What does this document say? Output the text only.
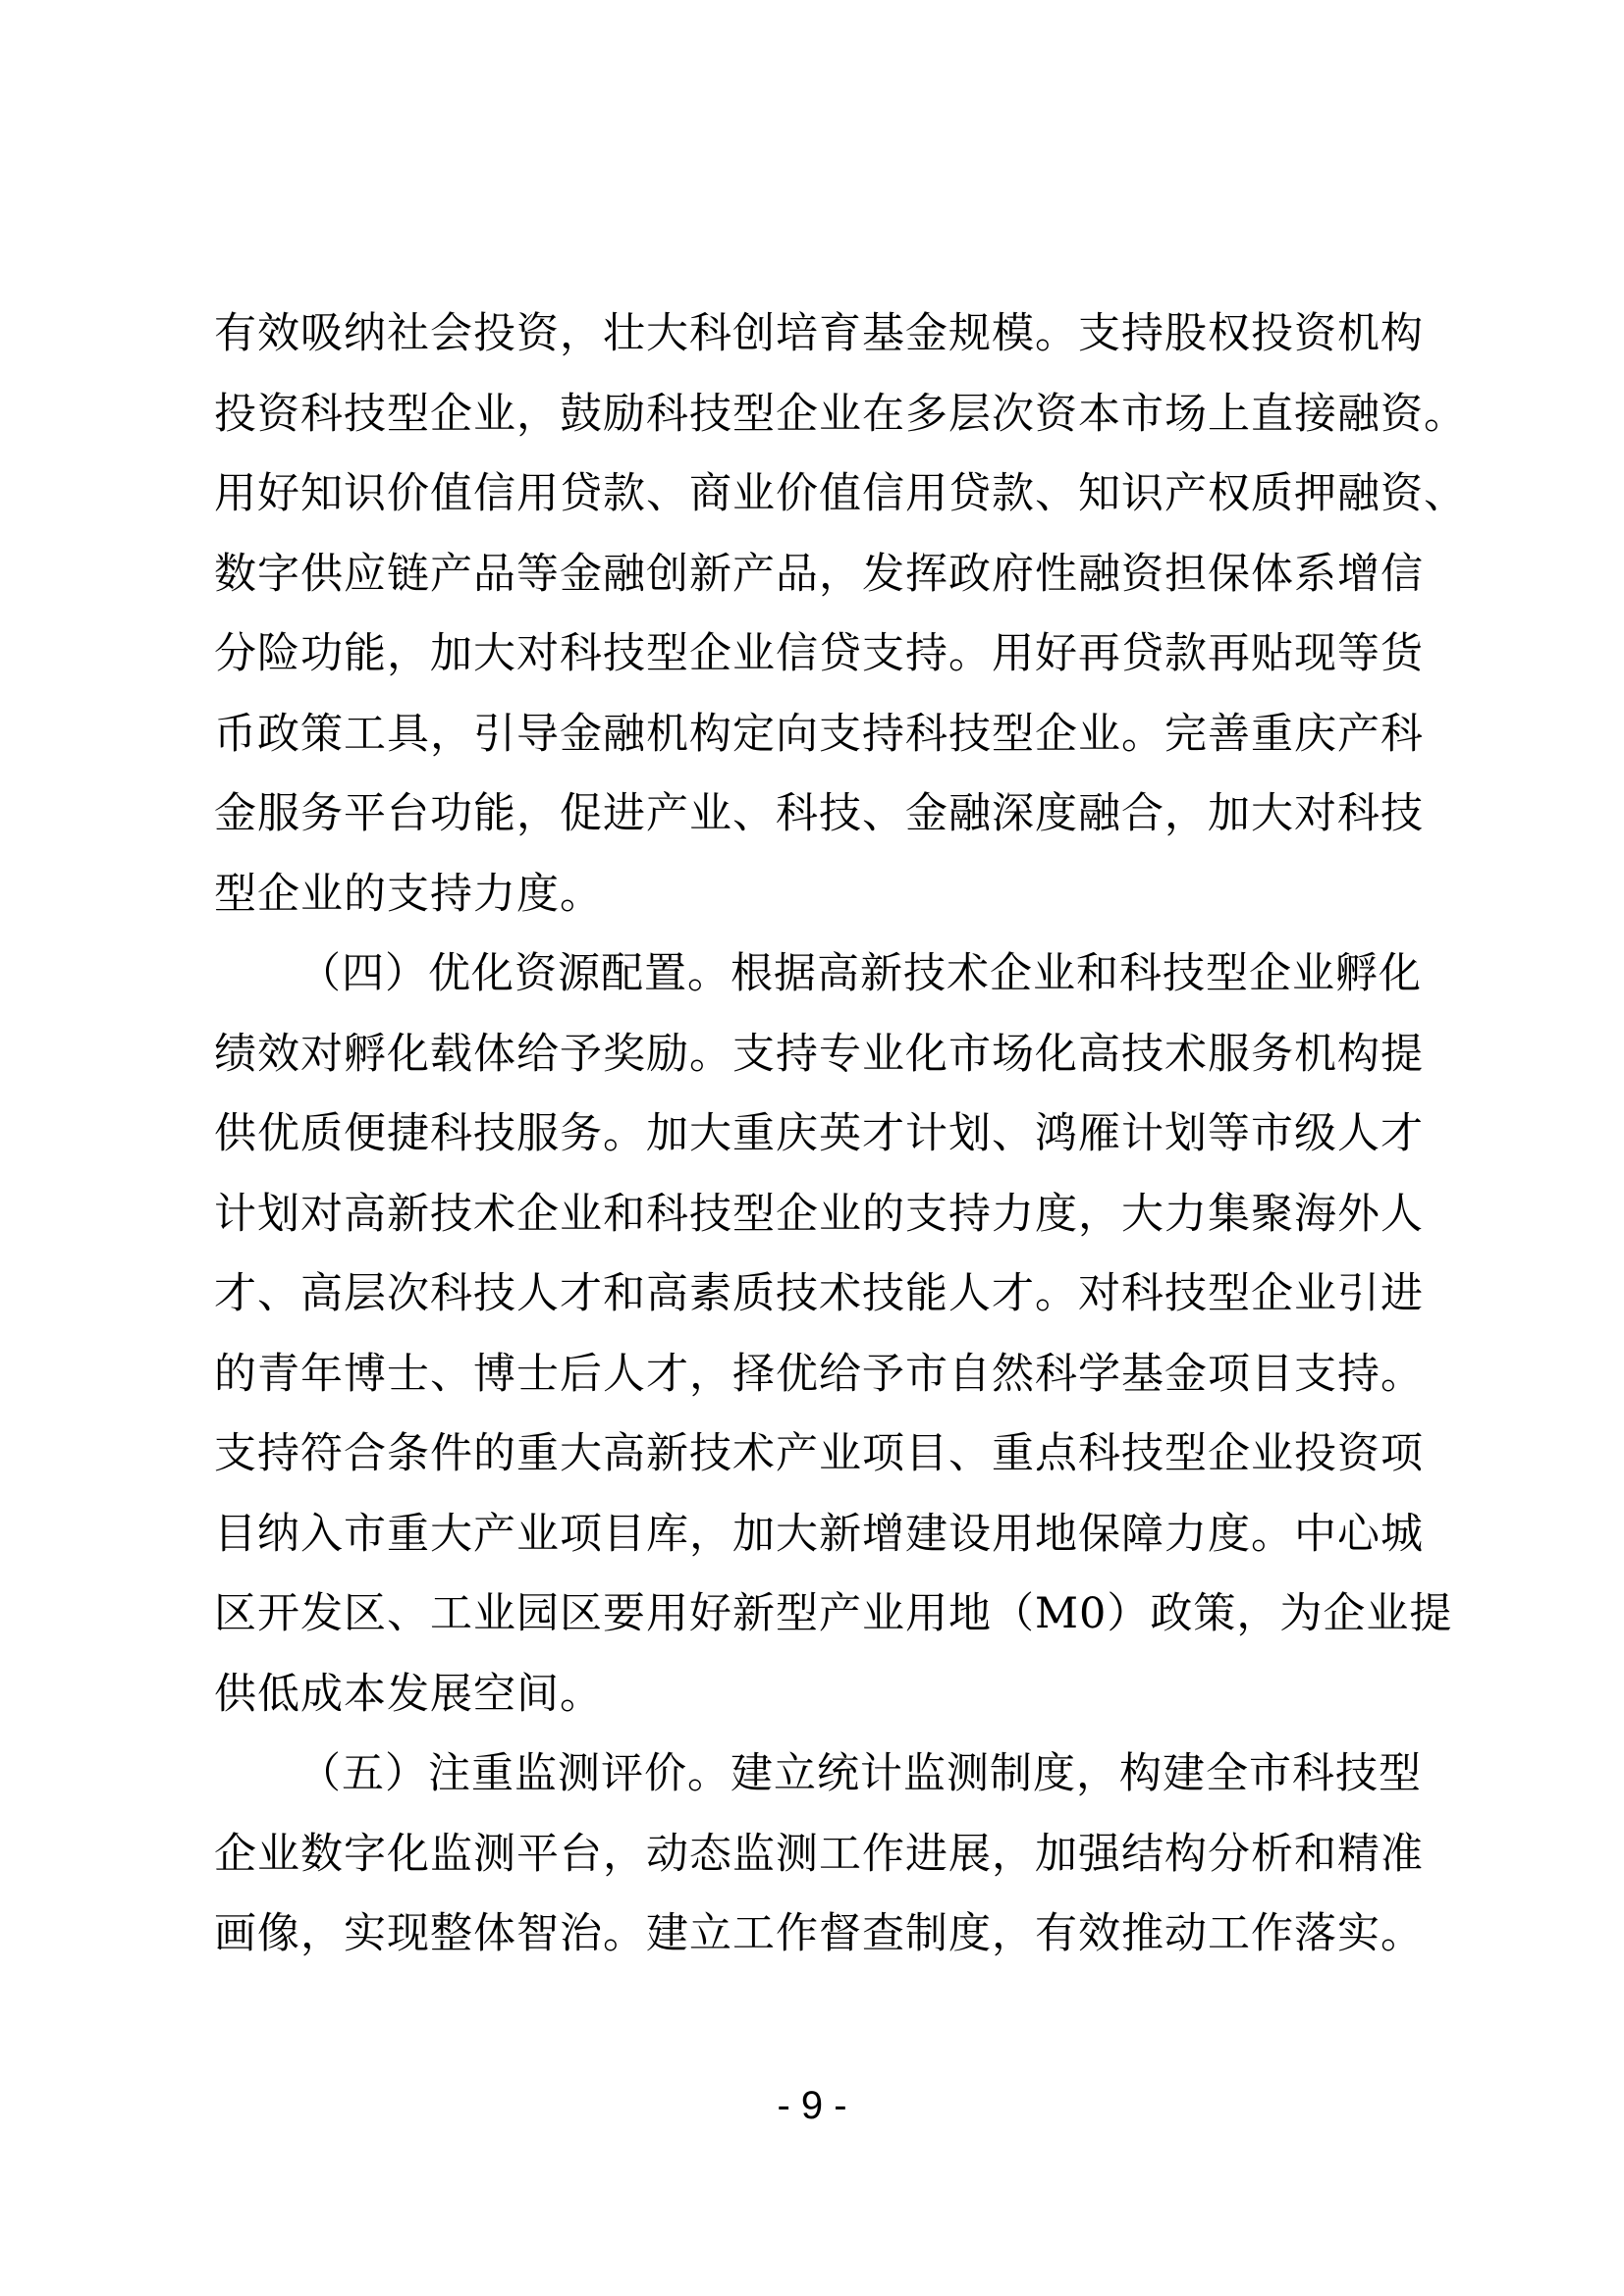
有效吸纳社会投资，壮大科创培育基金规模。支持股权投资机构
投资科技型企业，鼓励科技型企业在多层次资本市场上直接融资。
用好知识价值信用贷款、商业价值信用贷款、知识产权质押融资、
数字供应链产品等金融创新产品，发挥政府性融资担保体系增信
分险功能，加大对科技型企业信贷支持。用好再贷款再贴现等货
币政策工具，引导金融机构定向支持科技型企业。完善重庆产科
金服务平台功能，促进产业、科技、金融深度融合，加大对科技
型企业的支持力度。
（四）优化资源配置。根据高新技术企业和科技型企业孵化
绩效对孵化载体给予奖励。支持专业化市场化高技术服务机构提
供优质便捷科技服务。加大重庆英才计划、鸿雁计划等市级人才
计划对高新技术企业和科技型企业的支持力度，大力集聚海外人
才、高层次科技人才和高素质技术技能人才。对科技型企业引进
的青年博士、博士后人才，择优给予市自然科学基金项目支持。
支持符合条件的重大高新技术产业项目、重点科技型企业投资项
目纳入市重大产业项目库，加大新增建设用地保障力度。中心城
区开发区、工业园区要用好新型产业用地（M0）政策，为企业提
供低成本发展空间。
（五）注重监测评价。建立统计监测制度，构建全市科技型
企业数字化监测平台，动态监测工作进展，加强结构分析和精准
画像，实现整体智治。建立工作督查制度，有效推动工作落实。
- 9 -
